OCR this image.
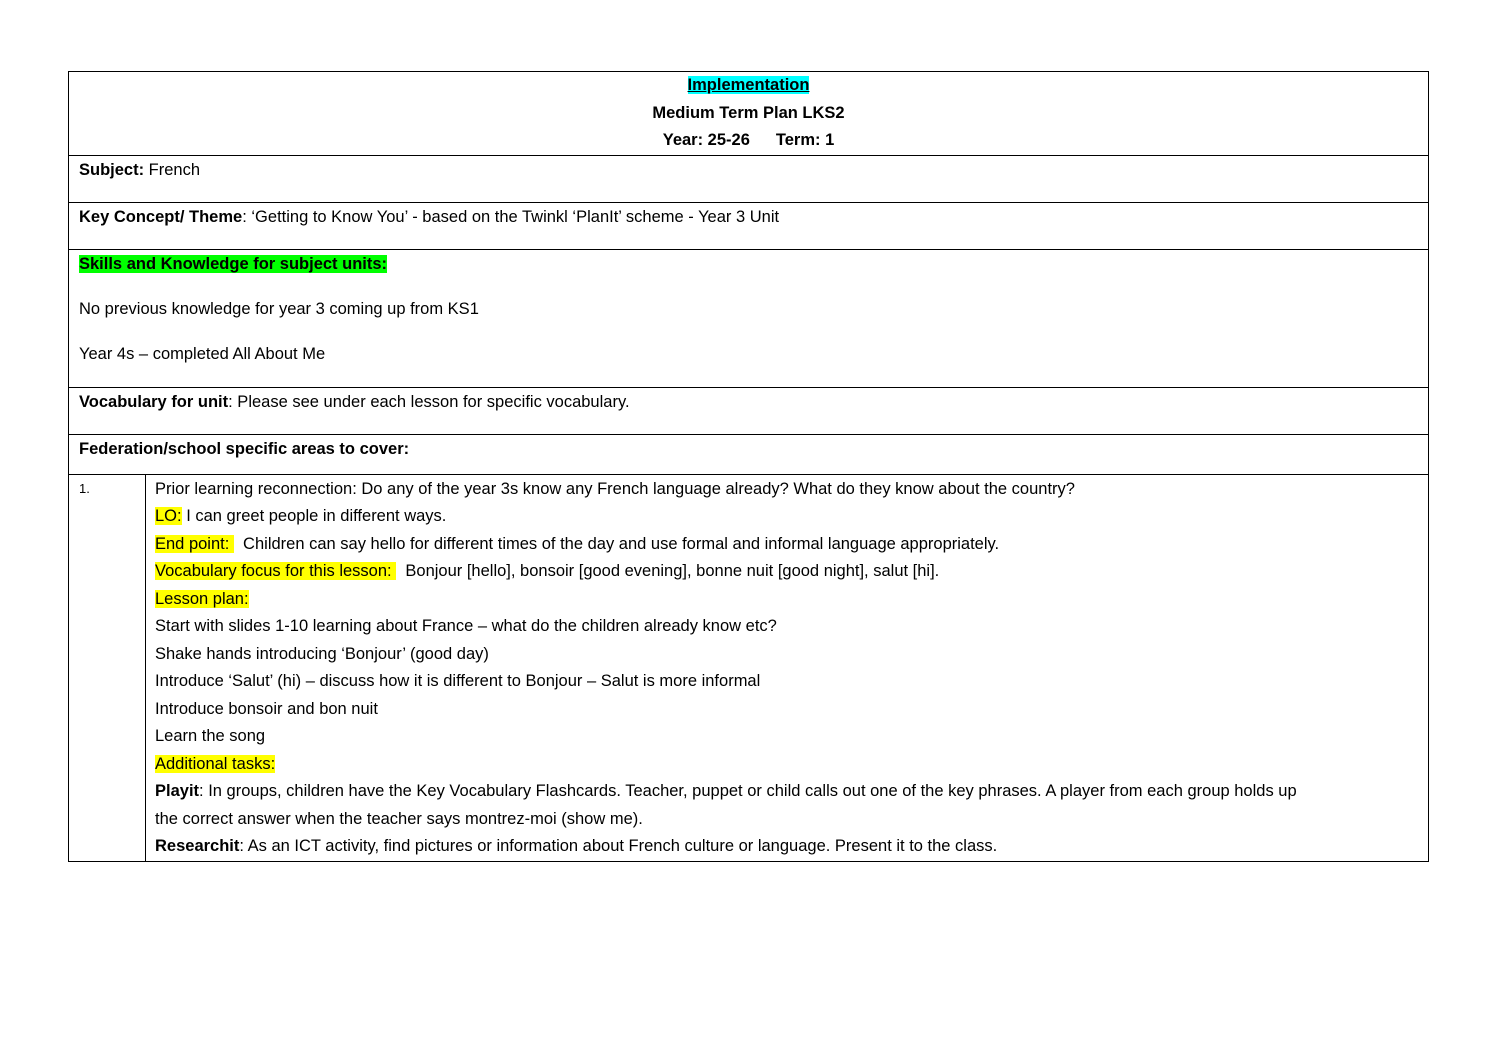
Implementation
Medium Term Plan LKS2
Year: 25-26 Term: 1

Subject: French
Key Concept/ Theme: ‘Getting to Know You’ - based on the Twinkl ‘PlanIt’ scheme - Year 3 Unit

Skills and Knowledge for subject units:

No previous knowledge for year 3 coming up from KS1

Year 4s – completed All About Me

Vocabulary for unit: Please see under each lesson for specific vocabulary.
Federation/school specific areas to cover:
1.	Prior learning reconnection: Do any of the year 3s know any French language already? What do they know about the country?
LO: I can greet people in different ways.
End point:   Children can say hello for different times of the day and use formal and informal language appropriately.
Vocabulary focus for this lesson:   Bonjour [hello], bonsoir [good evening], bonne nuit [good night], salut [hi].
Lesson plan:
Start with slides 1-10 learning about France – what do the children already know etc?
Shake hands introducing ‘Bonjour’ (good day)
Introduce ‘Salut’ (hi) – discuss how it is different to Bonjour – Salut is more informal
Introduce bonsoir and bon nuit
Learn the song
Additional tasks:
Playit: In groups, children have the Key Vocabulary Flashcards. Teacher, puppet or child calls out one of the key phrases. A player from each group holds up
the correct answer when the teacher says montrez-moi (show me).
Researchit: As an ICT activity, find pictures or information about French culture or language. Present it to the class.
